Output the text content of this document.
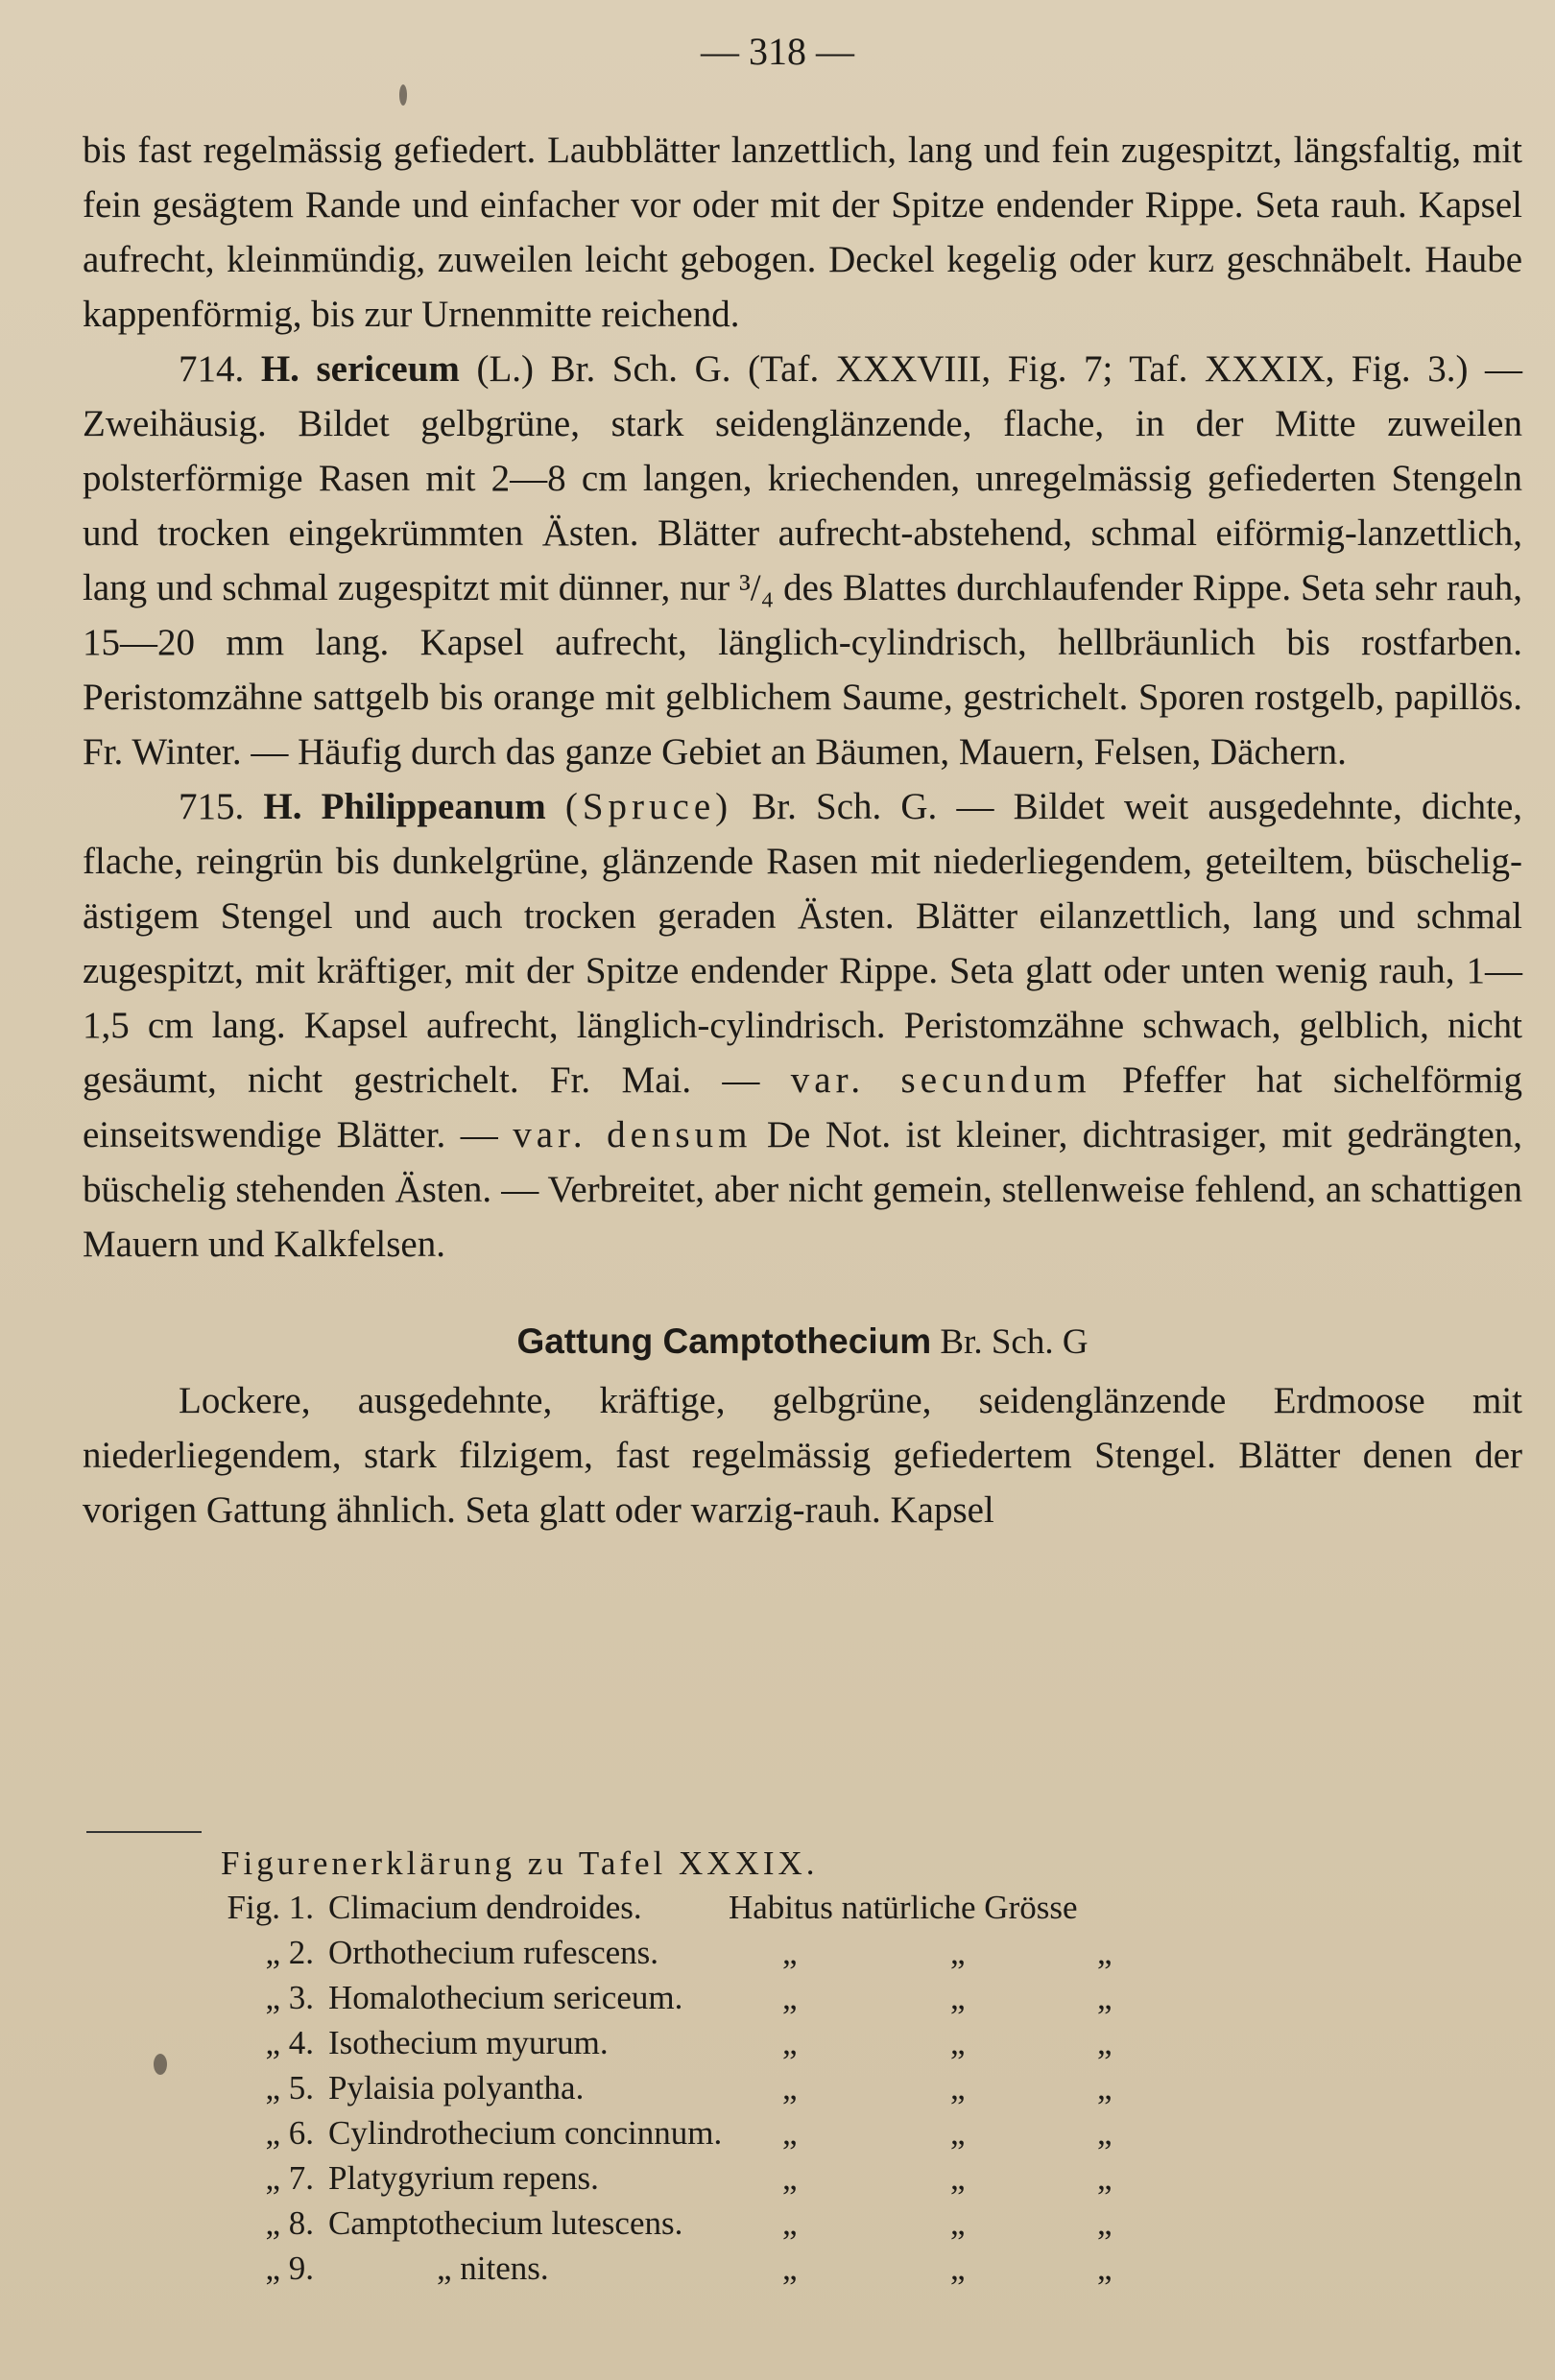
— 318 —

bis fast regelmässig gefiedert. Laubblätter lanzettlich, lang und fein zugespitzt, längsfaltig, mit fein gesägtem Rande und einfacher vor oder mit der Spitze endender Rippe. Seta rauh. Kapsel aufrecht, kleinmündig, zuweilen leicht gebogen. Deckel kegelig oder kurz geschnäbelt. Haube kappenförmig, bis zur Urnenmitte reichend.

714. H. sericeum (L.) Br. Sch. G. (Taf. XXXVIII, Fig. 7; Taf. XXXIX, Fig. 3.) — Zweihäusig. Bildet gelbgrüne, stark seidenglänzende, flache, in der Mitte zuweilen polsterförmige Rasen mit 2—8 cm langen, kriechenden, unregelmässig gefiederten Stengeln und trocken eingekrümmten Ästen. Blätter aufrecht-abstehend, schmal eiförmig-lanzettlich, lang und schmal zugespitzt mit dünner, nur ³/₄ des Blattes durchlaufender Rippe. Seta sehr rauh, 15—20 mm lang. Kapsel aufrecht, länglich-cylindrisch, hellbräunlich bis rostfarben. Peristomzähne sattgelb bis orange mit gelblichem Saume, gestrichelt. Sporen rostgelb, papillös. Fr. Winter. — Häufig durch das ganze Gebiet an Bäumen, Mauern, Felsen, Dächern.

715. H. Philippeanum (Spruce) Br. Sch. G. — Bildet weit ausgedehnte, dichte, flache, reingrün bis dunkelgrüne, glänzende Rasen mit niederliegendem, geteiltem, büschelig-ästigem Stengel und auch trocken geraden Ästen. Blätter eilanzettlich, lang und schmal zugespitzt, mit kräftiger, mit der Spitze endender Rippe. Seta glatt oder unten wenig rauh, 1—1,5 cm lang. Kapsel aufrecht, länglich-cylindrisch. Peristomzähne schwach, gelblich, nicht gesäumt, nicht gestrichelt. Fr. Mai. — var. secundum Pfeffer hat sichelförmig einseitswendige Blätter. — var. densum De Not. ist kleiner, dichtrasiger, mit gedrängten, büschelig stehenden Ästen. — Verbreitet, aber nicht gemein, stellenweise fehlend, an schattigen Mauern und Kalkfelsen.

Gattung Camptothecium Br. Sch. G

Lockere, ausgedehnte, kräftige, gelbgrüne, seidenglänzende Erdmoose mit niederliegendem, stark filzigem, fast regelmässig gefiedertem Stengel. Blätter denen der vorigen Gattung ähnlich. Seta glatt oder warzig-rauh. Kapsel

Figurenerklärung zu Tafel XXXIX.
Fig. 1. Climacium dendroides.	Habitus natürliche Grösse
„ 2. Orthothecium rufescens.	„	„	„
„ 3. Homalothecium sericeum.	„	„	„
„ 4. Isothecium myurum.	„	„	„
„ 5. Pylaisia polyantha.	„	„	„
„ 6. Cylindrothecium concinnum. „	„	„
„ 7. Platygyrium repens.	„	„	„
„ 8. Camptothecium lutescens.	„	„	„
„ 9.	„ nitens.	„	„	„
